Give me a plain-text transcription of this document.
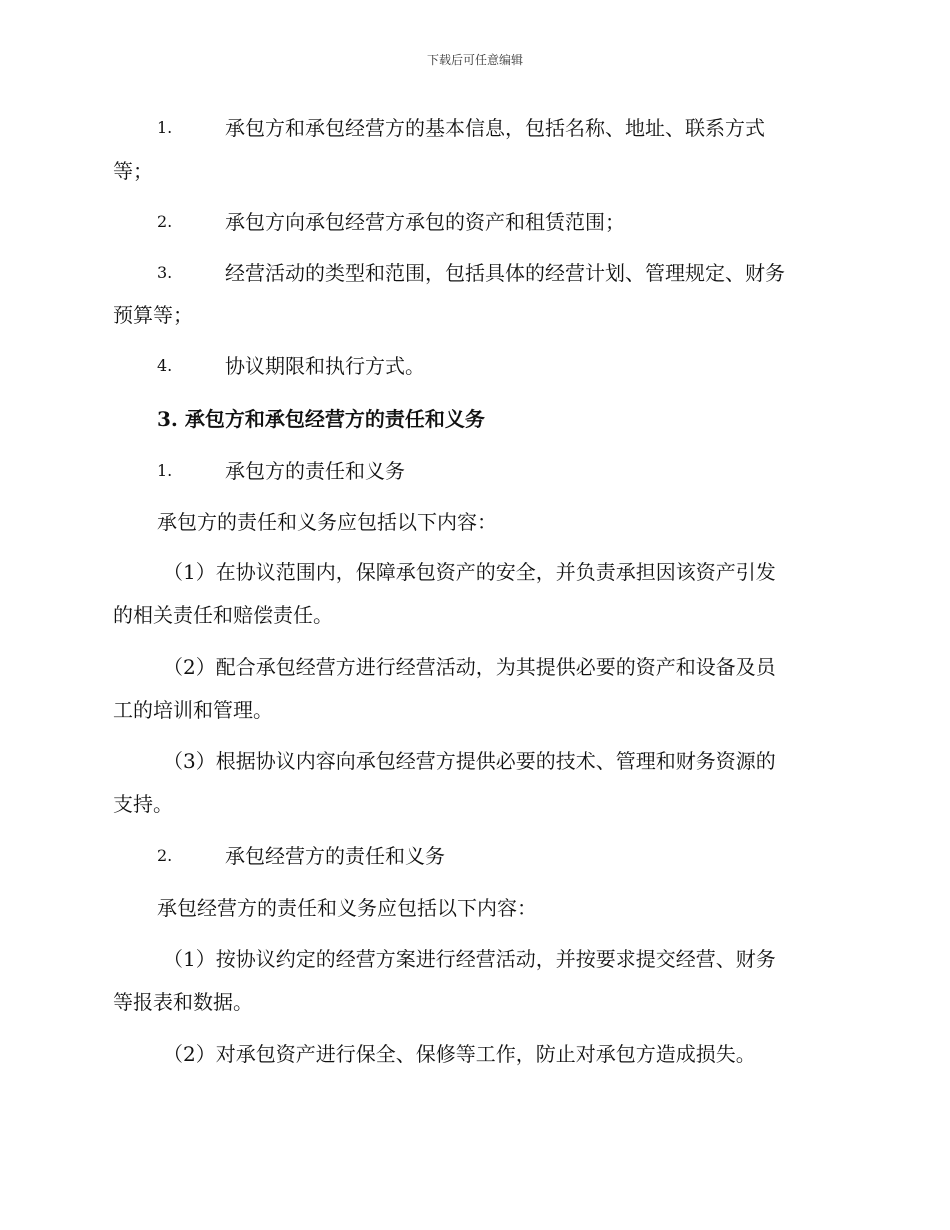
下载后可任意编辑
1.	承包方和承包经营方的基本信息，包括名称、地址、联系方式
等；
2.	承包方向承包经营方承包的资产和租赁范围；
3.	经营活动的类型和范围，包括具体的经营计划、管理规定、财务
预算等；
4.	协议期限和执行方式。
3. 承包方和承包经营方的责任和义务
1.	承包方的责任和义务
承包方的责任和义务应包括以下内容：
（1）在协议范围内，保障承包资产的安全，并负责承担因该资产引发
的相关责任和赔偿责任。
（2）配合承包经营方进行经营活动，为其提供必要的资产和设备及员
工的培训和管理。
（3）根据协议内容向承包经营方提供必要的技术、管理和财务资源的
支持。
2.	承包经营方的责任和义务
承包经营方的责任和义务应包括以下内容：
（1）按协议约定的经营方案进行经营活动，并按要求提交经营、财务
等报表和数据。
（2）对承包资产进行保全、保修等工作，防止对承包方造成损失。
